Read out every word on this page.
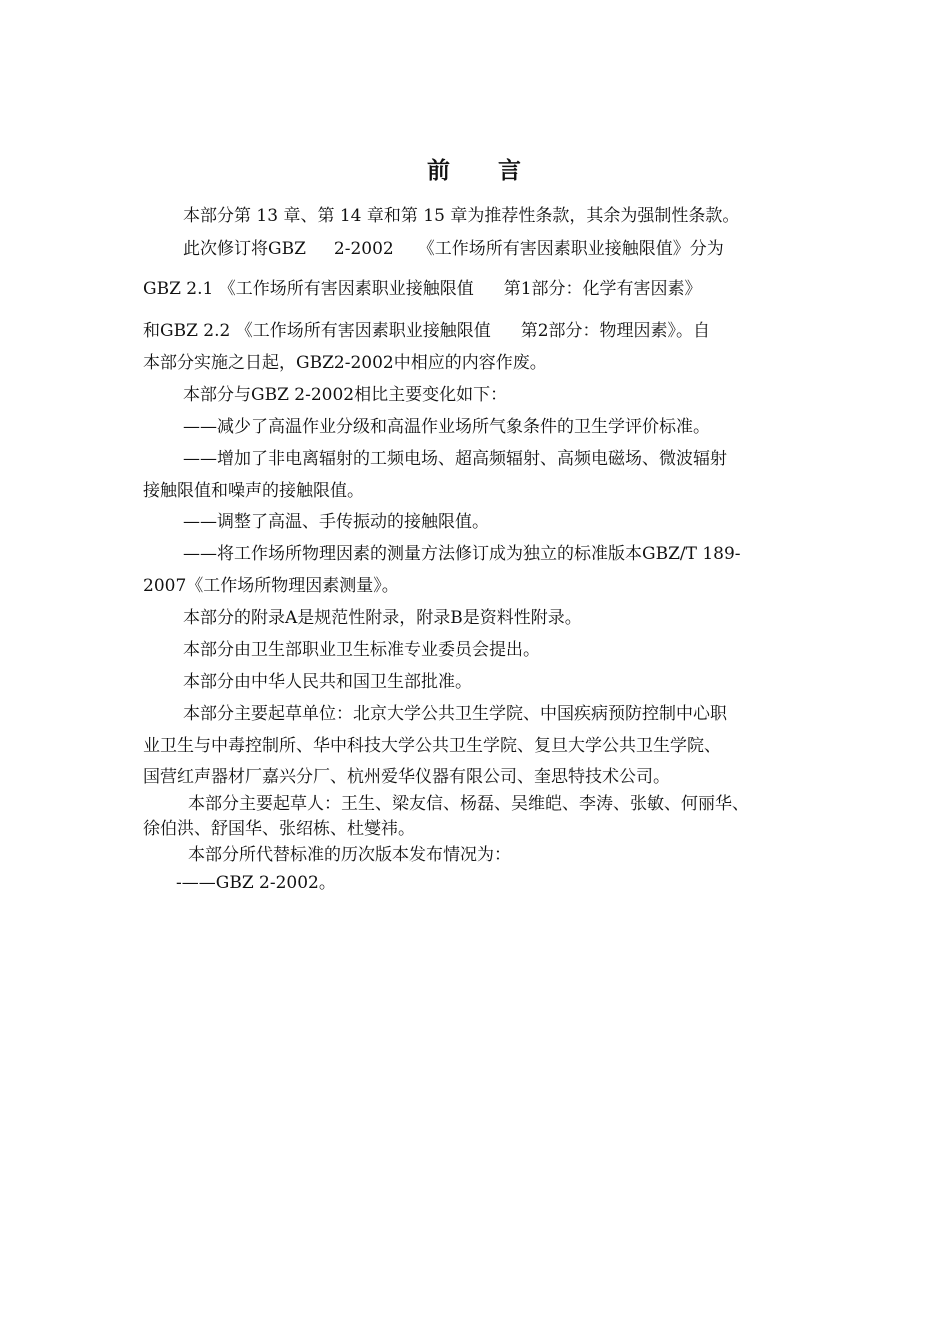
前 言
本部分第 13 章、第 14 章和第 15 章为推荐性条款，其余为强制性条款。
此次修订将GBZ 2-2002 《工作场所有害因素职业接触限值》分为
GBZ 2.1 《工作场所有害因素职业接触限值 第1部分：化学有害因素》
和GBZ 2.2 《工作场所有害因素职业接触限值 第2部分：物理因素》。自
本部分实施之日起，GBZ2-2002中相应的内容作废。
本部分与GBZ 2-2002相比主要变化如下：
——减少了高温作业分级和高温作业场所气象条件的卫生学评价标准。
——增加了非电离辐射的工频电场、超高频辐射、高频电磁场、微波辐射
接触限值和噪声的接触限值。
——调整了高温、手传振动的接触限值。
——将工作场所物理因素的测量方法修订成为独立的标准版本GBZ/T 189-
2007《工作场所物理因素测量》。
本部分的附录A是规范性附录，附录B是资料性附录。
本部分由卫生部职业卫生标准专业委员会提出。
本部分由中华人民共和国卫生部批准。
本部分主要起草单位：北京大学公共卫生学院、中国疾病预防控制中心职
业卫生与中毒控制所、华中科技大学公共卫生学院、复旦大学公共卫生学院、
国营红声器材厂嘉兴分厂、杭州爱华仪器有限公司、奎思特技术公司。
本部分主要起草人：王生、梁友信、杨磊、吴维皑、李涛、张敏、何丽华、
徐伯洪、舒国华、张绍栋、杜燮祎。
本部分所代替标准的历次版本发布情况为：
-——GBZ 2-2002。
